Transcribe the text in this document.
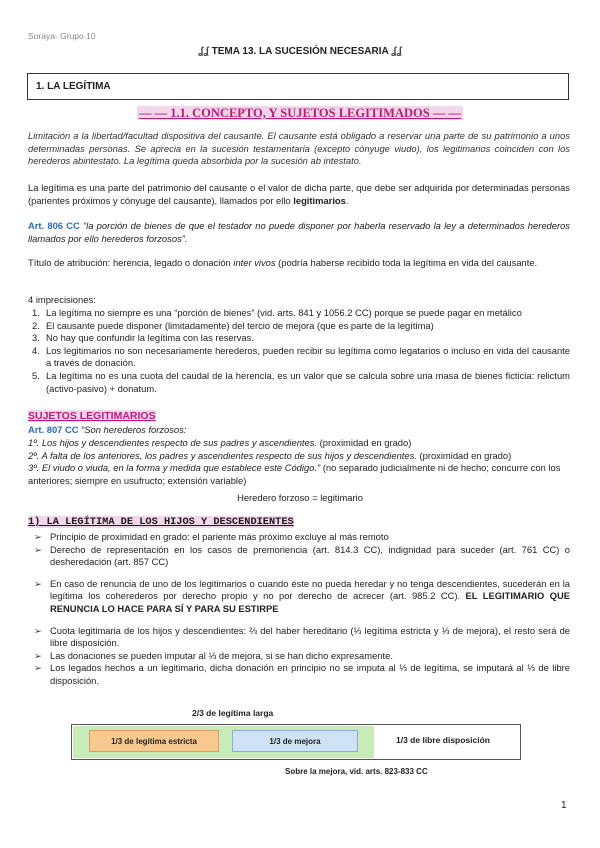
Soraya- Grupo 10
ʆʆ TEMA 13. LA SUCESIÓN NECESARIA ʆʆ
1. LA LEGÍTIMA
— — 1.1. CONCEPTO, Y SUJETOS LEGITIMADOS — —
Limitación a la libertad/facultad dispositiva del causante. El causante está obligado a reservar una parte de su patrimonio a unos determinadas personas. Se aprecia en la sucesión testamentaria (excepto cónyuge viudo), los legitimarios coinciden con los herederos abintestato. La legítima queda absorbida por la sucesión ab intestato.
La legítima es una parte del patrimonio del causante o el valor de dicha parte, que debe ser adquirida por determinadas personas (parientes próximos y cónyuge del causante), llamados por ello legitimarios.
Art. 806 CC “la porción de bienes de que el testador no puede disponer por haberla reservado la ley a determinados herederos llamados por ello herederos forzosos”.
Título de atribución: herencia, legado o donación inter vivos (podría haberse recibido toda la legítima en vida del causante.
4 imprecisiones:
1. La legítima no siempre es una “porción de bienes” (vid. arts. 841 y 1056.2 CC) porque se puede pagar en metálico
2. El causante puede disponer (limitadamente) del tercio de mejora (que es parte de la legítima)
3. No hay que confundir la legítima con las reservas.
4. Los legitimarios no son necesariamente herederos, pueden recibir su legítima como legatarios o incluso en vida del causante a través de donación.
5. La legítima no es una cuota del caudal de la herencia, es un valor que se calcula sobre una masa de bienes ficticia: relictum (activo-pasivo) + donatum.
SUJETOS LEGITIMARIOS
Art. 807 CC “Son herederos forzosos:
1º. Los hijos y descendientes respecto de sus padres y ascendientes. (proximidad en grado)
2º. A falta de los anteriores, los padres y ascendientes respecto de sus hijos y descendientes. (proximidad en grado)
3º. El viudo o viuda, en la forma y medida que establece este Código.” (no separado judicialmente ni de hecho; concurre con los anteriores; siempre en usufructo; extensión variable)
Heredero forzoso = legitimario
1) LA LEGÍTIMA DE LOS HIJOS Y DESCENDIENTES
➢ Principio de proximidad en grado: el pariente más próximo excluye al más remoto
➢ Derecho de representación en los casos de premoriencia (art. 814.3 CC), indignidad para suceder (art. 761 CC) o desheredación (art. 857 CC)
➢ En caso de renuncia de uno de los legitimarios o cuando éste no pueda heredar y no tenga descendientes, sucederán en la legítima los coherederos por derecho propio y no por derecho de acrecer (art. 985.2 CC). EL LEGITIMARIO QUE RENUNCIA LO HACE PARA SÍ Y PARA SU ESTIRPE
➢ Cuota legitimaria de los hijos y descendientes: ⅔ del haber hereditario (⅓ legítima estricta y ⅓ de mejora), el resto será de libre disposición.
➢ Las donaciones se pueden imputar al ⅓ de mejora, si se han dicho expresamente.
➢ Los legados hechos a un legitimario, dicha donación en principio no se imputa al ⅓ de legítima, se imputará al ⅓ de libre disposición.
2/3 de legítima larga
1/3 de legítima estricta	1/3 de mejora	1/3 de libre disposición
Sobre la mejora, vid. arts. 823-833 CC
1
